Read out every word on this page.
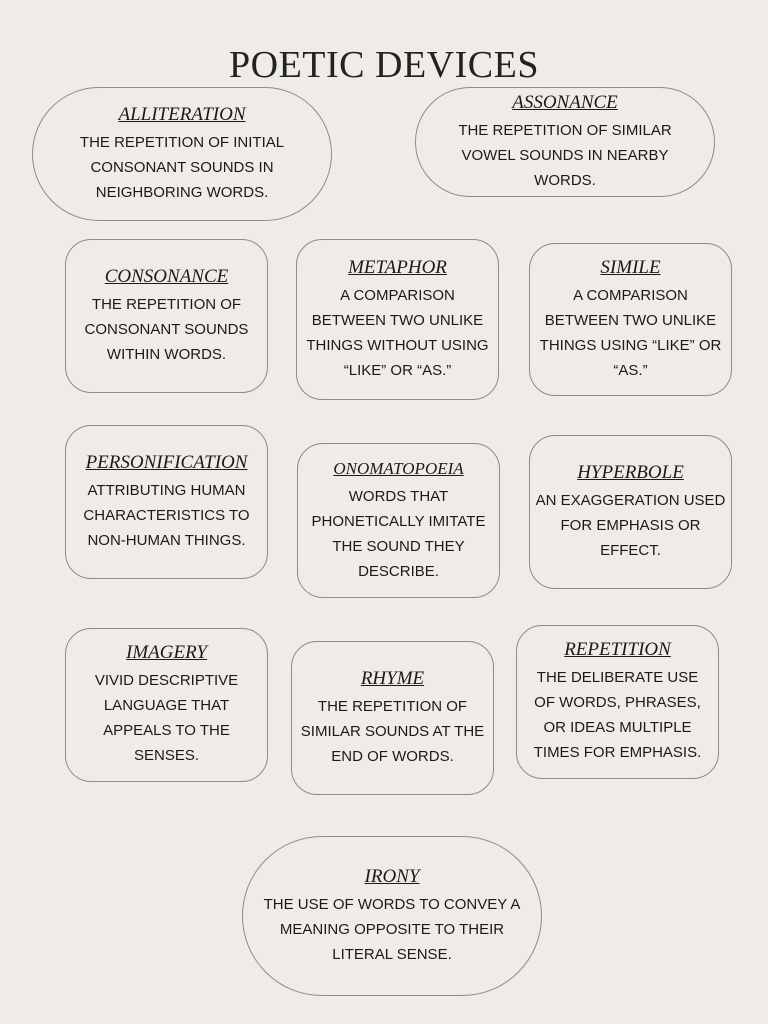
POETIC DEVICES
ALLITERATION
THE REPETITION OF INITIAL CONSONANT SOUNDS IN NEIGHBORING WORDS.
ASSONANCE
THE REPETITION OF SIMILAR VOWEL SOUNDS IN NEARBY WORDS.
CONSONANCE
THE REPETITION OF CONSONANT SOUNDS WITHIN WORDS.
METAPHOR
A COMPARISON BETWEEN TWO UNLIKE THINGS WITHOUT USING “LIKE” OR “AS.”
SIMILE
A COMPARISON BETWEEN TWO UNLIKE THINGS USING “LIKE” OR “AS.”
PERSONIFICATION
ATTRIBUTING HUMAN CHARACTERISTICS TO NON-HUMAN THINGS.
ONOMATOPOEIA
WORDS THAT PHONETICALLY IMITATE THE SOUND THEY DESCRIBE.
HYPERBOLE
AN EXAGGERATION USED FOR EMPHASIS OR EFFECT.
IMAGERY
VIVID DESCRIPTIVE LANGUAGE THAT APPEALS TO THE SENSES.
RHYME
THE REPETITION OF SIMILAR SOUNDS AT THE END OF WORDS.
REPETITION
THE DELIBERATE USE OF WORDS, PHRASES, OR IDEAS MULTIPLE TIMES FOR EMPHASIS.
IRONY
THE USE OF WORDS TO CONVEY A MEANING OPPOSITE TO THEIR LITERAL SENSE.
